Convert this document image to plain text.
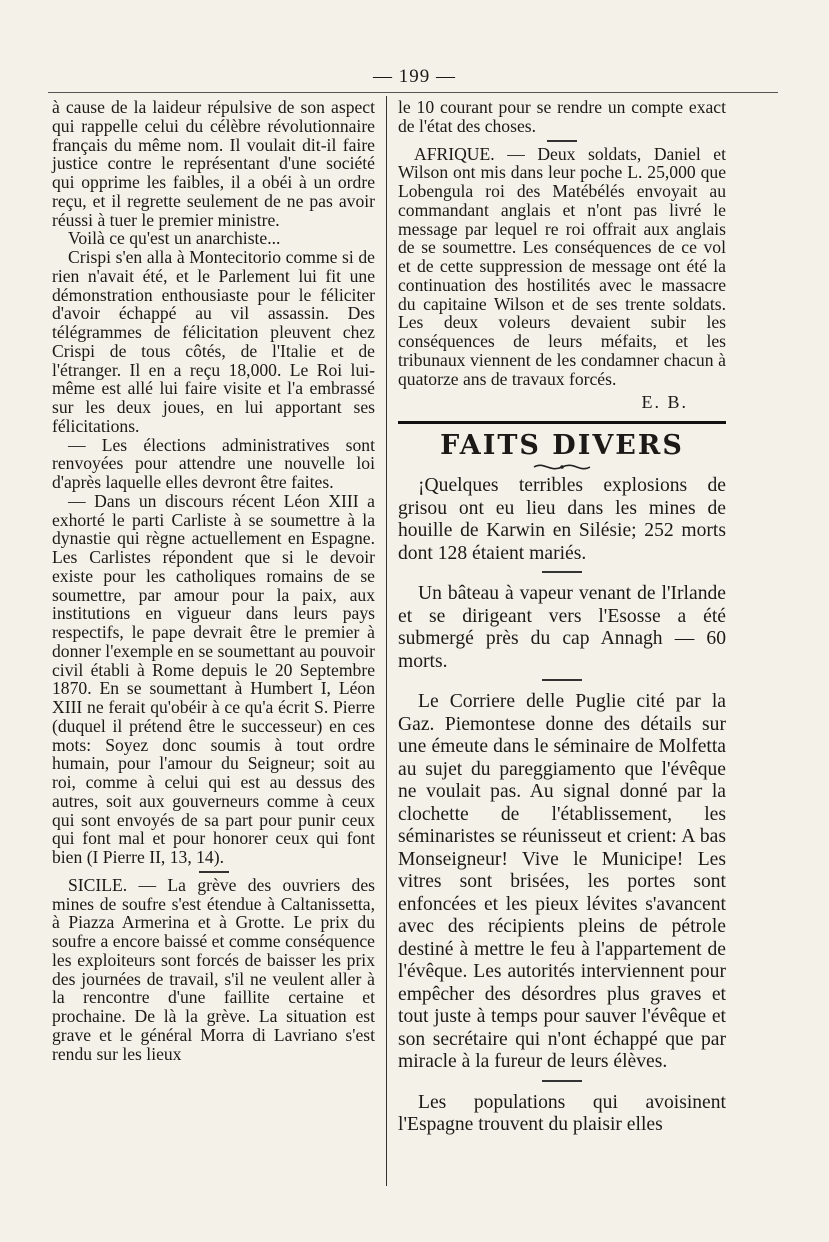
— 199 —

à cause de la laideur répulsive de son aspect qui rappelle celui du célèbre révolutionnaire français du même nom. Il voulait dit-il faire justice contre le représentant d'une société qui opprime les faibles, il a obéi à un ordre reçu, et il regrette seulement de ne pas avoir réussi à tuer le premier ministre.

Voilà ce qu'est un anarchiste...

Crispi s'en alla à Montecitorio comme si de rien n'avait été, et le Parlement lui fit une démonstration enthousiaste pour le féliciter d'avoir échappé au vil assassin. Des télégrammes de félicitation pleuvent chez Crispi de tous côtés, de l'Italie et de l'étranger. Il en a reçu 18,000. Le Roi lui-même est allé lui faire visite et l'a embrassé sur les deux joues, en lui apportant ses félicitations.

— Les élections administratives sont renvoyées pour attendre une nouvelle loi d'après laquelle elles devront être faites.

— Dans un discours récent Léon XIII a exhorté le parti Carliste à se soumettre à la dynastie qui règne actuellement en Espagne. Les Carlistes répondent que si le devoir existe pour les catholiques romains de se soumettre, par amour pour la paix, aux institutions en vigueur dans leurs pays respectifs, le pape devrait être le premier à donner l'exemple en se soumettant au pouvoir civil établi à Rome depuis le 20 Septembre 1870. En se soumettant à Humbert I, Léon XIII ne ferait qu'obéir à ce qu'a écrit S. Pierre (duquel il prétend être le successeur) en ces mots: Soyez donc soumis à tout ordre humain, pour l'amour du Seigneur; soit au roi, comme à celui qui est au dessus des autres, soit aux gouverneurs comme à ceux qui sont envoyés de sa part pour punir ceux qui font mal et pour honorer ceux qui font bien (I Pierre II, 13, 14).

SICILE. — La grève des ouvriers des mines de soufre s'est étendue à Caltanissetta, à Piazza Armerina et à Grotte. Le prix du soufre a encore baissé et comme conséquence les exploiteurs sont forcés de baisser les prix des journées de travail, s'il ne veulent aller à la rencontre d'une faillite certaine et prochaine. De là la grève. La situation est grave et le général Morra di Lavriano s'est rendu sur les lieux

le 10 courant pour se rendre un compte exact de l'état des choses.

AFRIQUE. — Deux soldats, Daniel et Wilson ont mis dans leur poche L. 25,000 que Lobengula roi des Matébélés envoyait au commandant anglais et n'ont pas livré le message par lequel re roi offrait aux anglais de se soumettre. Les conséquences de ce vol et de cette suppression de message ont été la continuation des hostilités avec le massacre du capitaine Wilson et de ses trente soldats. Les deux voleurs devaient subir les conséquences de leurs méfaits, et les tribunaux viennent de les condamner chacun à quatorze ans de travaux forcés.

E. B.
FAITS DIVERS

¡Quelques terribles explosions de grisou ont eu lieu dans les mines de houille de Karwin en Silésie; 252 morts dont 128 étaient mariés.

Un bâteau à vapeur venant de l'Irlande et se dirigeant vers l'Esosse a été submergé près du cap Annagh — 60 morts.

Le Corriere delle Puglie cité par la Gaz. Piemontese donne des détails sur une émeute dans le séminaire de Molfetta au sujet du pareggiamento que l'évêque ne voulait pas. Au signal donné par la clochette de l'établissement, les séminaristes se réunisseut et crient: A bas Monseigneur! Vive le Municipe! Les vitres sont brisées, les portes sont enfoncées et les pieux lévites s'avancent avec des récipients pleins de pétrole destiné à mettre le feu à l'appartement de l'évêque. Les autorités interviennent pour empêcher des désordres plus graves et tout juste à temps pour sauver l'évêque et son secrétaire qui n'ont échappé que par miracle à la fureur de leurs élèves.

Les populations qui avoisinent l'Espagne trouvent du plaisir elles
